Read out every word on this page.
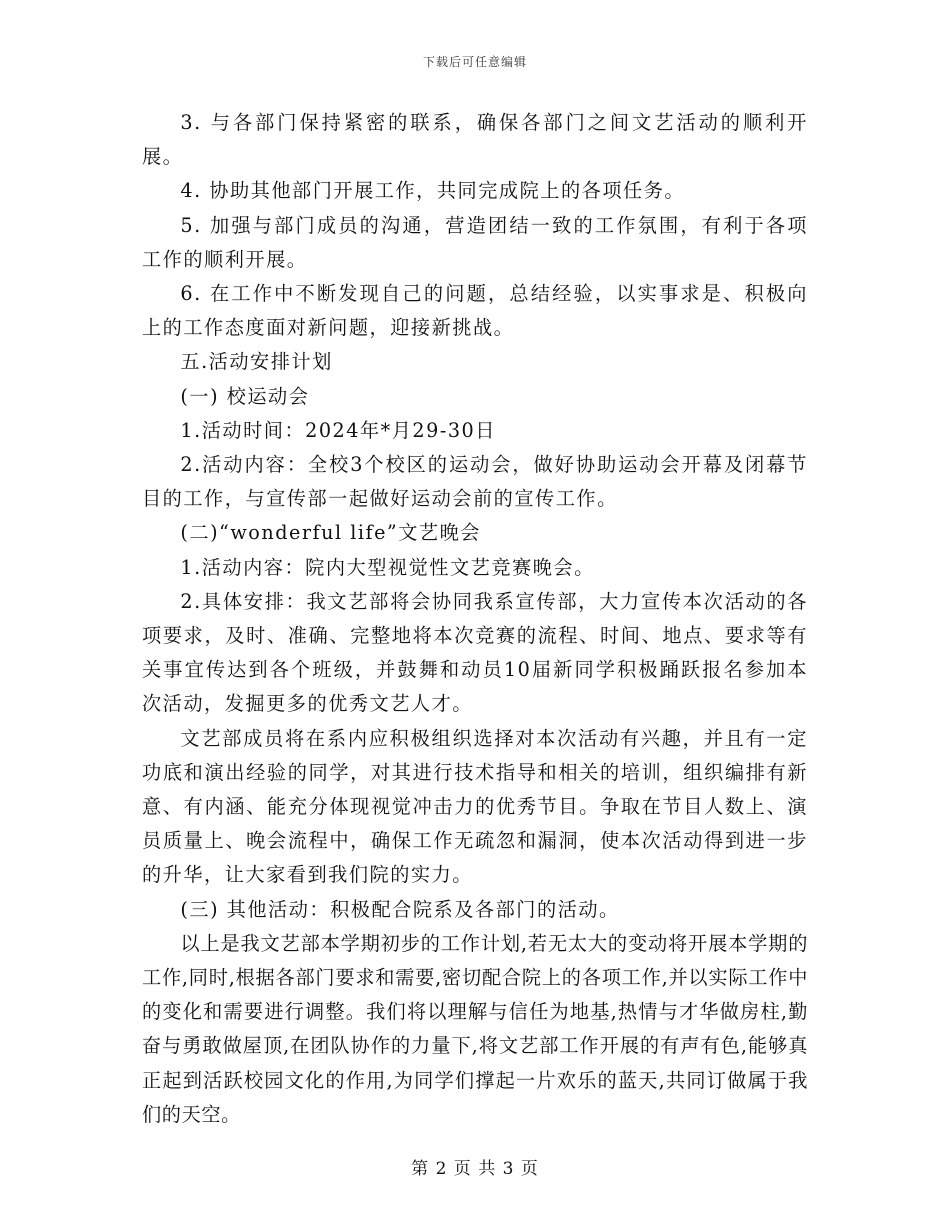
下载后可任意编辑

3. 与各部门保持紧密的联系，确保各部门之间文艺活动的顺利开展。

4. 协助其他部门开展工作，共同完成院上的各项任务。

5. 加强与部门成员的沟通，营造团结一致的工作氛围，有利于各项工作的顺利开展。

6. 在工作中不断发现自己的问题，总结经验，以实事求是、积极向上的工作态度面对新问题，迎接新挑战。

五.活动安排计划

(一) 校运动会

1.活动时间：2024年*月29-30日

2.活动内容：全校3个校区的运动会，做好协助运动会开幕及闭幕节目的工作，与宣传部一起做好运动会前的宣传工作。

(二)“wonderful life”文艺晚会

1.活动内容：院内大型视觉性文艺竞赛晚会。

2.具体安排：我文艺部将会协同我系宣传部，大力宣传本次活动的各项要求，及时、准确、完整地将本次竞赛的流程、时间、地点、要求等有关事宜传达到各个班级，并鼓舞和动员10届新同学积极踊跃报名参加本次活动，发掘更多的优秀文艺人才。

文艺部成员将在系内应积极组织选择对本次活动有兴趣，并且有一定功底和演出经验的同学，对其进行技术指导和相关的培训，组织编排有新意、有内涵、能充分体现视觉冲击力的优秀节目。争取在节目人数上、演员质量上、晚会流程中，确保工作无疏忽和漏洞，使本次活动得到进一步的升华，让大家看到我们院的实力。

(三) 其他活动：积极配合院系及各部门的活动。

以上是我文艺部本学期初步的工作计划,若无太大的变动将开展本学期的工作,同时,根据各部门要求和需要,密切配合院上的各项工作,并以实际工作中的变化和需要进行调整。我们将以理解与信任为地基,热情与才华做房柱,勤奋与勇敢做屋顶,在团队协作的力量下,将文艺部工作开展的有声有色,能够真正起到活跃校园文化的作用,为同学们撑起一片欢乐的蓝天,共同订做属于我们的天空。

第 2 页 共 3 页
